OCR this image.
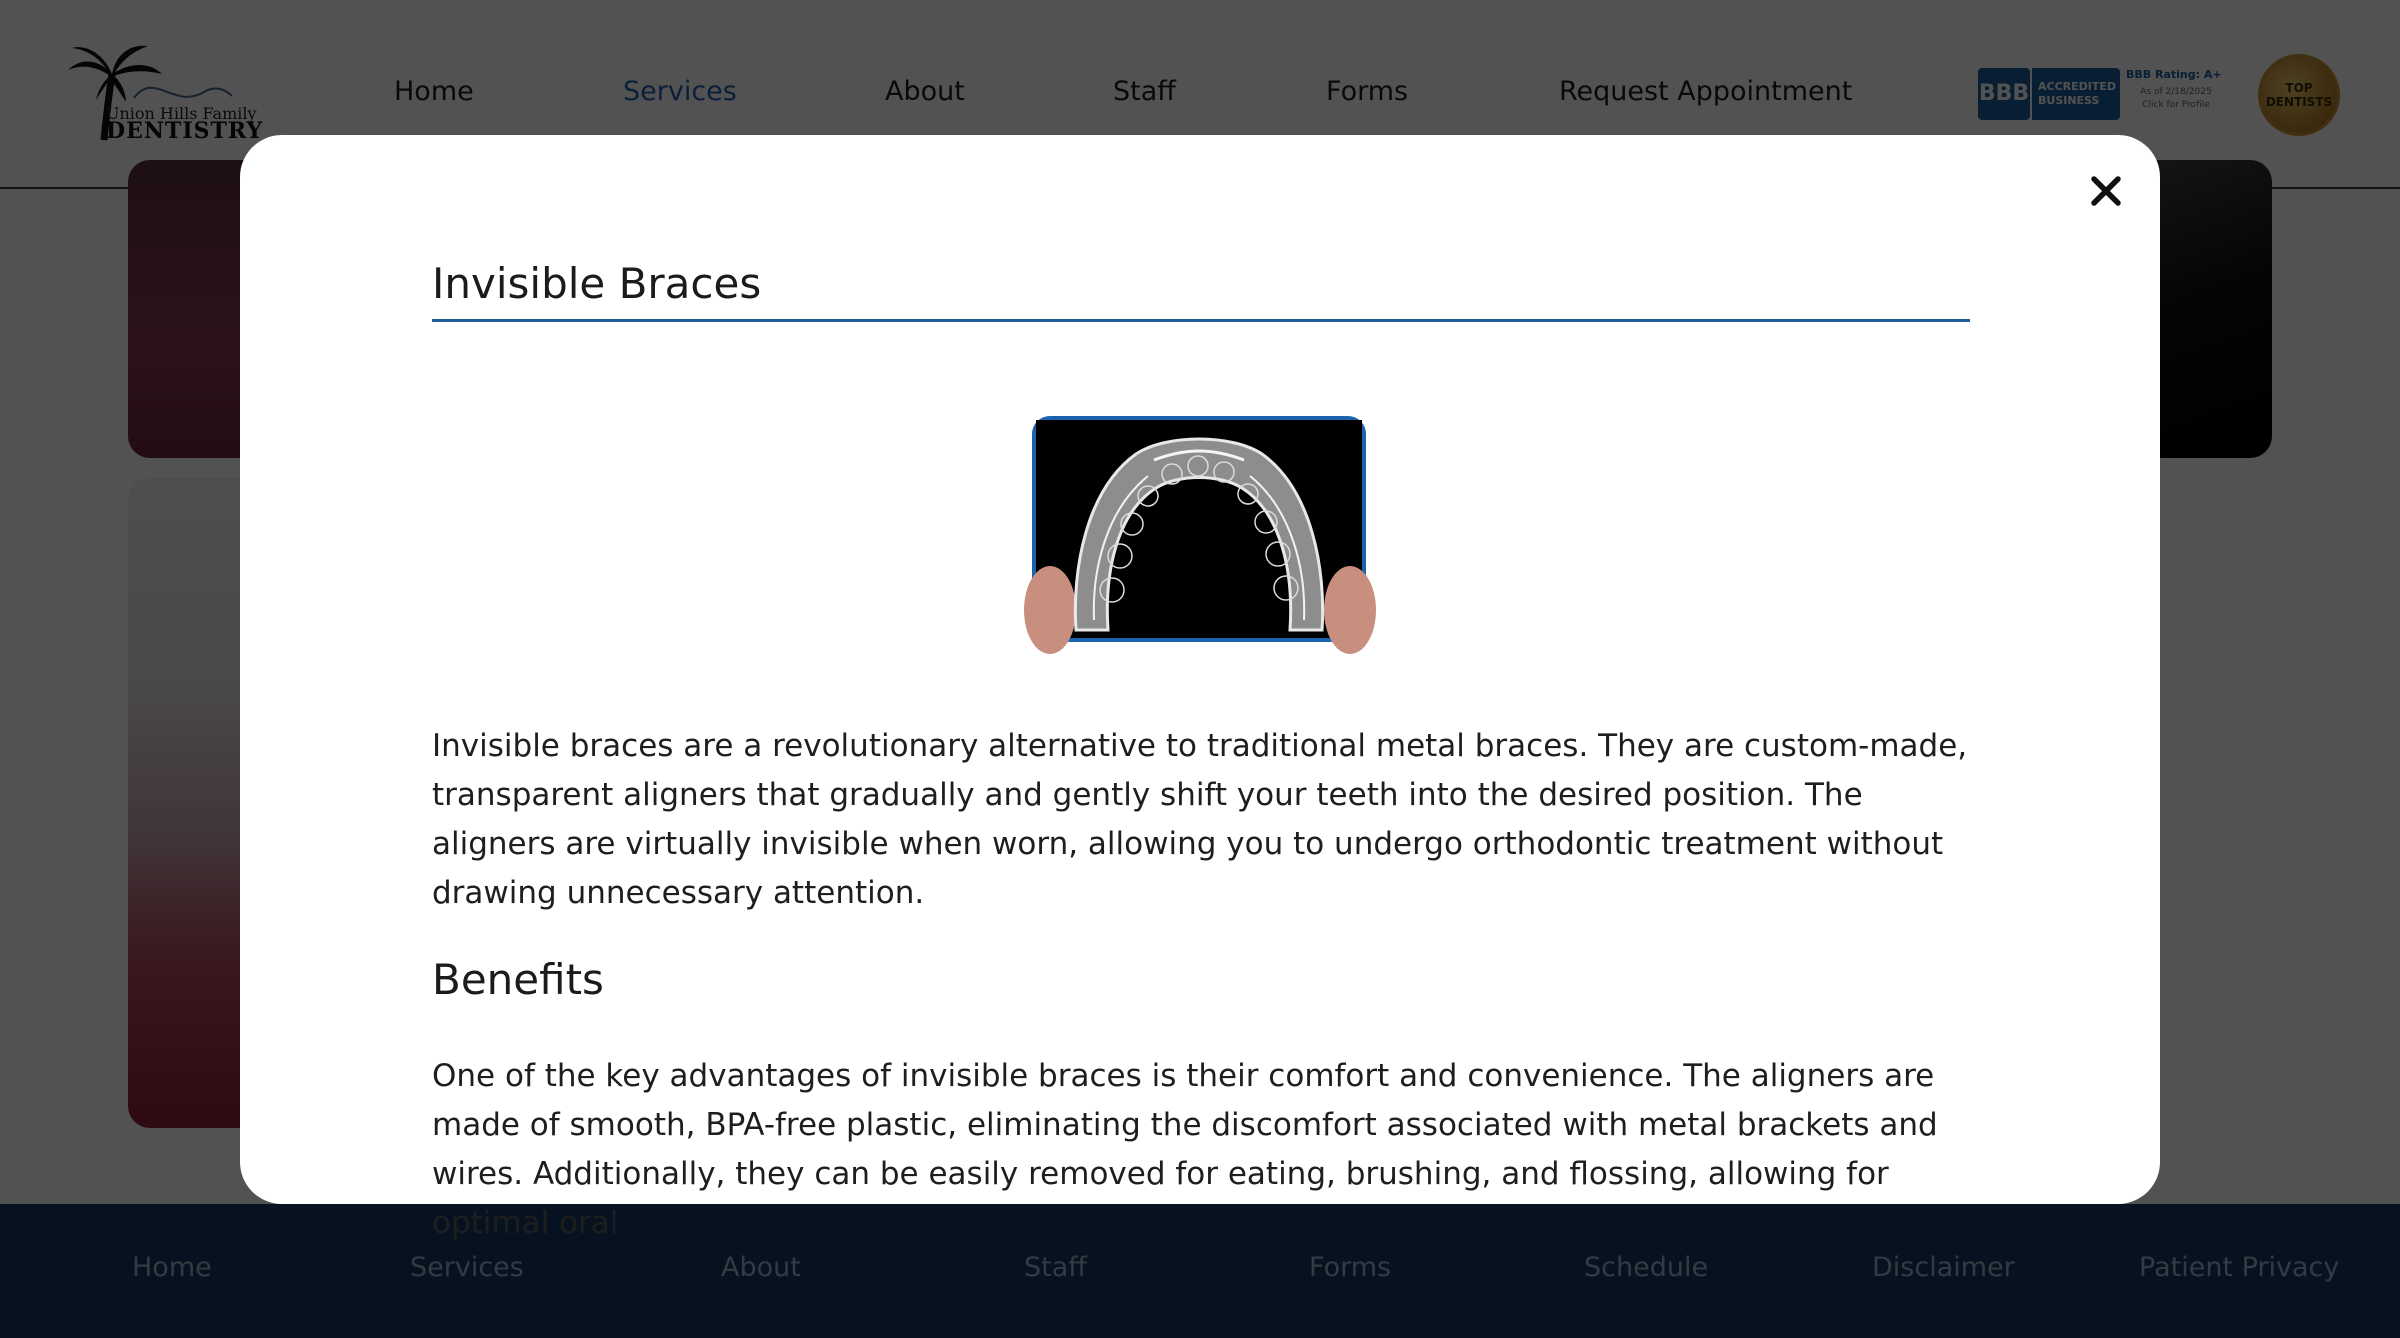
Invisible Braces

Invisible braces are a revolutionary alternative to traditional metal braces. They are custom-made, transparent aligners that gradually and gently shift your teeth into the desired position. The aligners are virtually invisible when worn, allowing you to undergo orthodontic treatment without drawing unnecessary attention.

Benefits

One of the key advantages of invisible braces is their comfort and convenience. The aligners are made of smooth, BPA-free plastic, eliminating the discomfort associated with metal brackets and wires. Additionally, they can be easily removed for eating, brushing, and flossing, allowing for optimal oral
